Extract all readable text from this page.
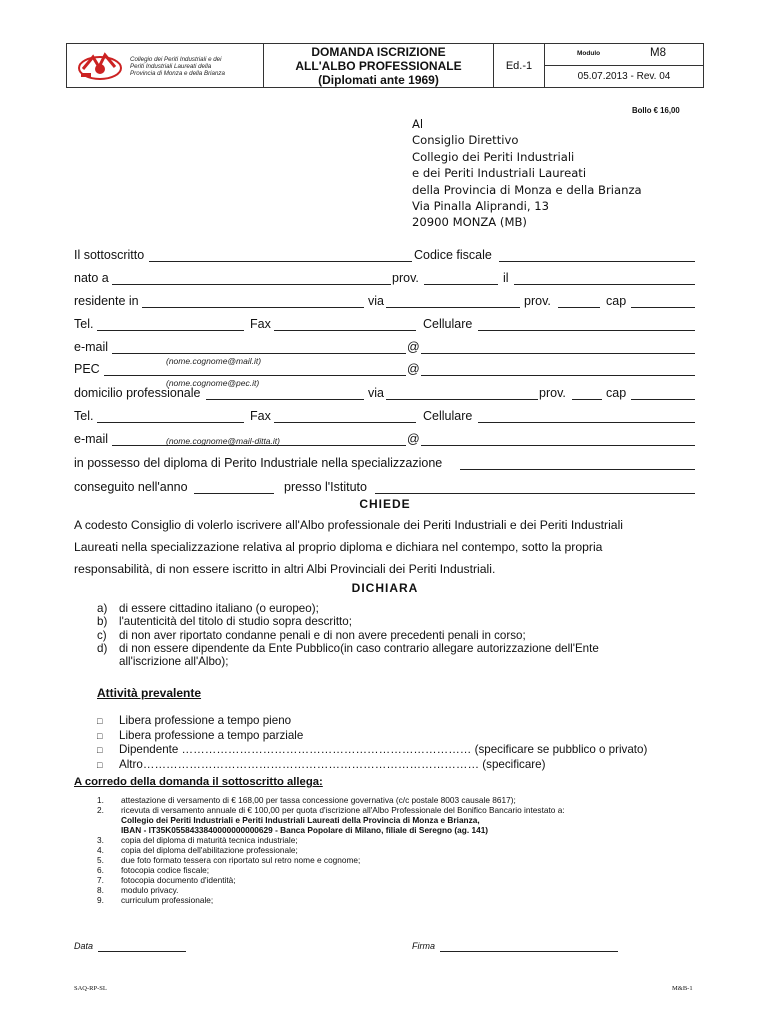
Collegio dei Periti Industriali e dei
Periti Industriali Laureati della
Provincia di Monza e della Brianza

DOMANDA ISCRIZIONE
ALL'ALBO PROFESSIONALE
(Diplomati ante 1969)
	Ed.-1	
Modulo	M8

05.07.2013 - Rev. 04
Bollo € 16,00
Al
Consiglio Direttivo
Collegio dei Periti Industriali
e dei Periti Industriali Laureati
della Provincia di Monza e della Brianza
Via Pinalla Aliprandi, 13
20900 MONZA (MB)
Il sottoscritto	Codice fiscale
nato a	prov.	il
residente in	via	prov.	cap
Tel.	Fax	Cellulare
e-mail	@
(nome.cognome@mail.it)
PEC	@
(nome.cognome@pec.it)
domicilio professionale	via	prov.	cap
Tel.	Fax	Cellulare
e-mail	@
(nome.cognome@mail-ditta.it)
in possesso del diploma di Perito Industriale nella specializzazione
conseguito nell'anno	presso l'Istituto
CHIEDE
A codesto Consiglio di volerlo iscrivere all'Albo professionale dei Periti Industriali e dei Periti Industriali
Laureati nella specializzazione relativa al proprio diploma e dichiara nel contempo, sotto la propria
responsabilità, di non essere iscritto in altri Albi Provinciali dei Periti Industriali.
DICHIARA
a) di essere cittadino italiano (o europeo);
b) l'autenticità del titolo di studio sopra descritto;
c) di non aver riportato condanne penali e di non avere precedenti penali in corso;
d) di non essere dipendente da Ente Pubblico(in caso contrario allegare autorizzazione dell'Ente
all'iscrizione all'Albo);
Attività prevalente
□ Libera professione a tempo pieno
□ Libera professione a tempo parziale
□ Dipendente ………………………………………………………………… (specificare se pubblico o privato)
□ Altro…………………………………………………………………………… (specificare)
A corredo della domanda il sottoscritto allega:
1. attestazione di versamento di € 168,00 per tassa concessione governativa (c/c postale 8003 causale 8617);
2. ricevuta di versamento annuale di € 100,00 per quota d'iscrizione all'Albo Professionale del Bonifico Bancario intestato a:
Collegio dei Periti Industriali e Periti Industriali Laureati della Provincia di Monza e Brianza,
IBAN - IT35K0558433840000000000629 - Banca Popolare di Milano, filiale di Seregno (ag. 141)
3. copia del diploma di maturità tecnica industriale;
4. copia del diploma dell'abilitazione professionale;
5. due foto formato tessera con riportato sul retro nome e cognome;
6. fotocopia codice fiscale;
7. fotocopia documento d'identità;
8. modulo privacy.
9. curriculum professionale;
Data	Firma
SAQ-RP-SL	M&B-1
